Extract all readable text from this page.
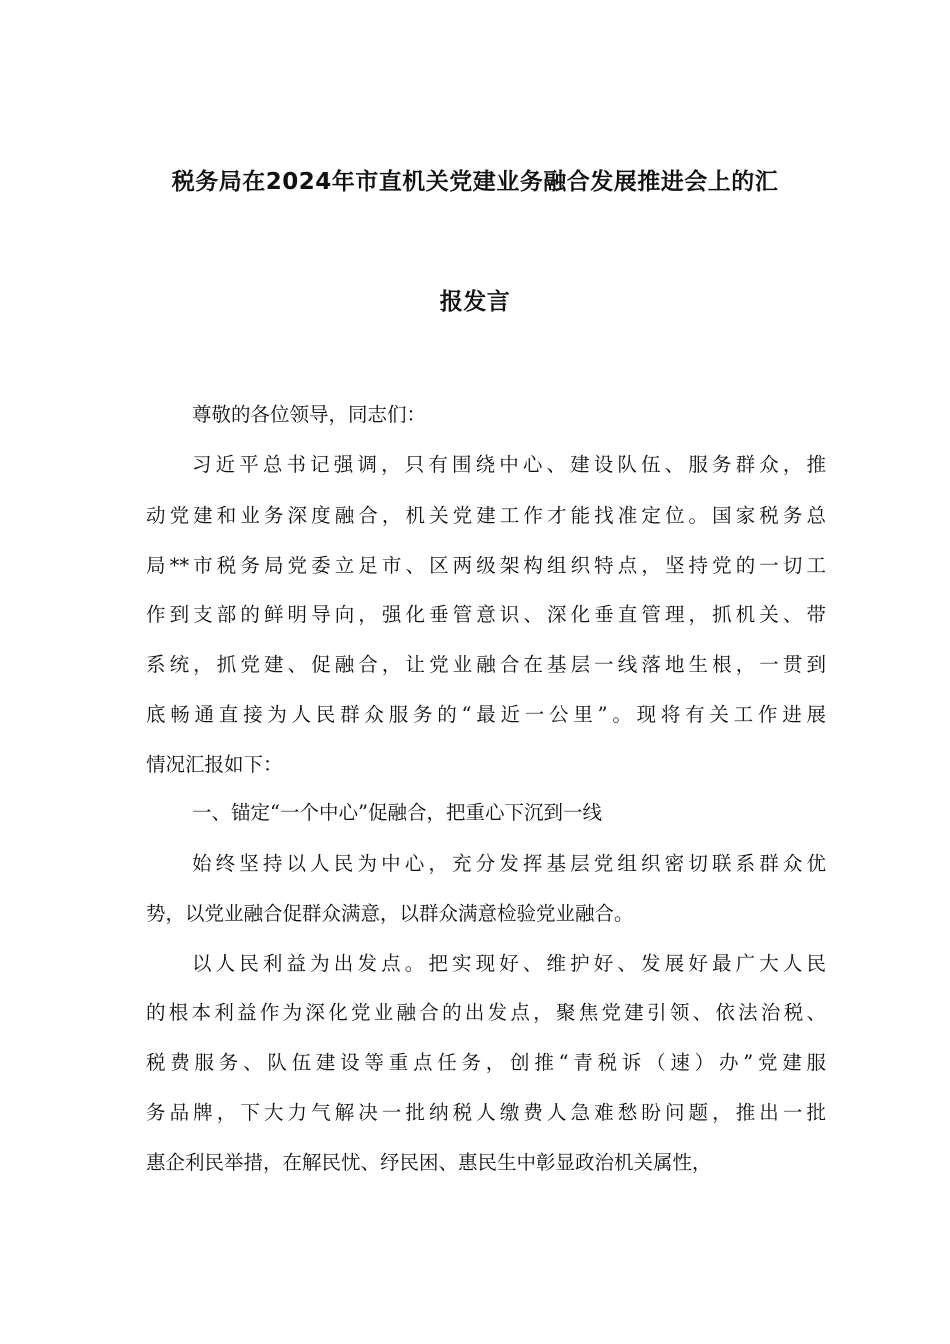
税务局在2024年市直机关党建业务融合发展推进会上的汇
报发言
尊敬的各位领导，同志们：
习近平总书记强调，只有围绕中心、建设队伍、服务群众，推
动党建和业务深度融合，机关党建工作才能找准定位。国家税务总
局**市税务局党委立足市、区两级架构组织特点，坚持党的一切工
作到支部的鲜明导向，强化垂管意识、深化垂直管理，抓机关、带
系统，抓党建、促融合，让党业融合在基层一线落地生根，一贯到
底畅通直接为人民群众服务的“最近一公里”。现将有关工作进展
情况汇报如下：
一、锚定“一个中心”促融合，把重心下沉到一线
始终坚持以人民为中心，充分发挥基层党组织密切联系群众优
势，以党业融合促群众满意，以群众满意检验党业融合。
以人民利益为出发点。把实现好、维护好、发展好最广大人民
的根本利益作为深化党业融合的出发点，聚焦党建引领、依法治税、
税费服务、队伍建设等重点任务，创推“青税诉（速）办”党建服
务品牌，下大力气解决一批纳税人缴费人急难愁盼问题，推出一批
惠企利民举措，在解民忧、纾民困、惠民生中彰显政治机关属性，
